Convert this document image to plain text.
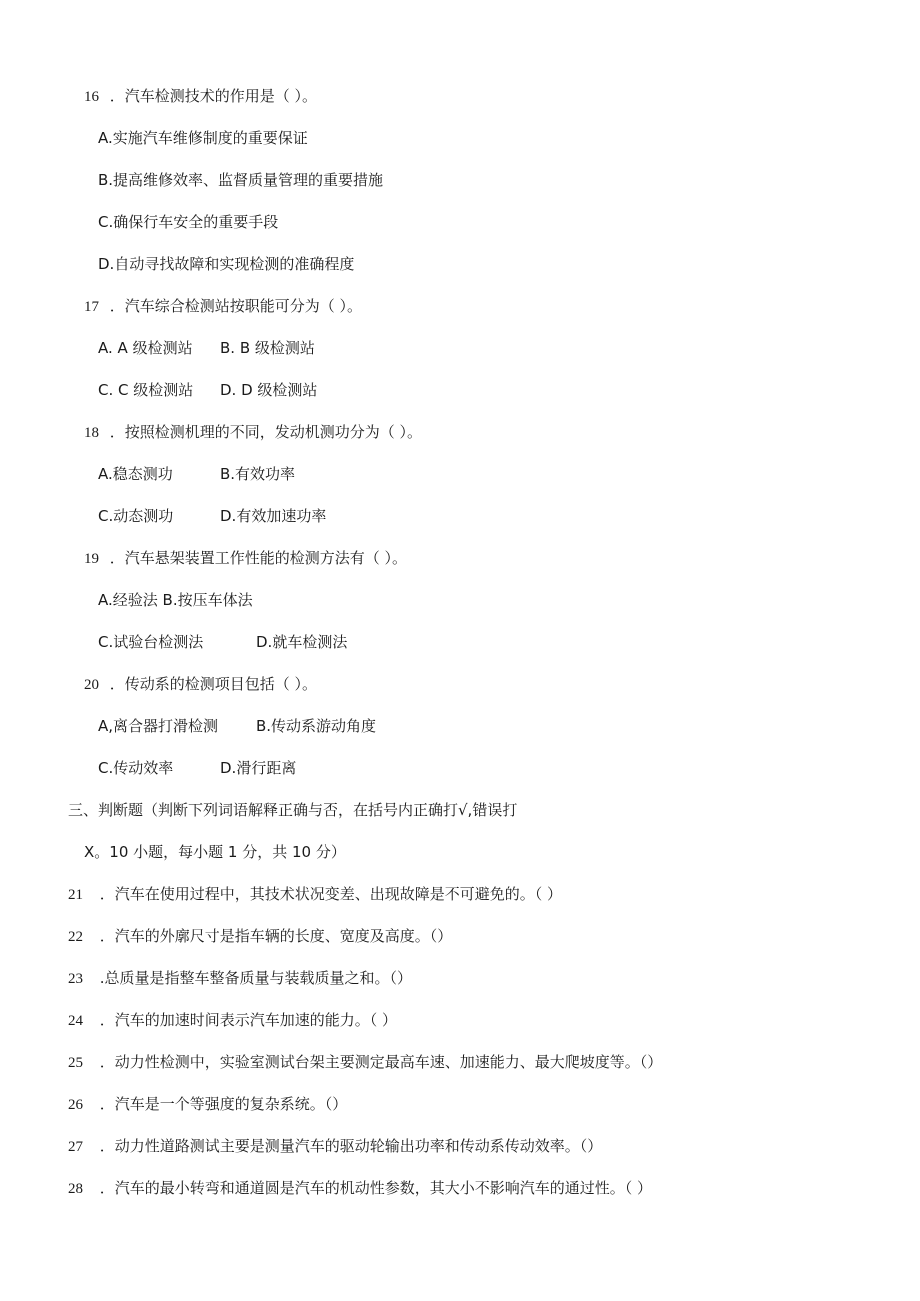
16 ．汽车检测技术的作用是（ ）。
A.实施汽车维修制度的重要保证
B.提高维修效率、监督质量管理的重要措施
C.确保行车安全的重要手段
D.自动寻找故障和实现检测的准确程度
17 ．汽车综合检测站按职能可分为（ ）。
A. A 级检测站 B. B 级检测站
C. C 级检测站 D. D 级检测站
18 ．按照检测机理的不同，发动机测功分为（ ）。
A.稳态测功	B.有效功率
C.动态测功	D.有效加速功率
19 ．汽车悬架装置工作性能的检测方法有（ ）。
A.经验法 B.按压车体法
C.试验台检测法	D.就车检测法
20 ．传动系的检测项目包括（ ）。
A,离合器打滑检测	B.传动系游动角度
C.传动效率	D.滑行距离
三、判断题（判断下列词语解释正确与否，在括号内正确打√,错误打
X。10 小题，每小题 1 分，共 10 分）
21 ．汽车在使用过程中，其技术状况变差、出现故障是不可避免的。（ ）
22 ．汽车的外廓尺寸是指车辆的长度、宽度及高度。（）
23 .总质量是指整车整备质量与装载质量之和。（）
24 ．汽车的加速时间表示汽车加速的能力。（ ）
25 ．动力性检测中，实验室测试台架主要测定最高车速、加速能力、最大爬坡度等。（）
26 ．汽车是一个等强度的复杂系统。（）
27 ．动力性道路测试主要是测量汽车的驱动轮输出功率和传动系传动效率。（）
28 ．汽车的最小转弯和通道圆是汽车的机动性参数，其大小不影响汽车的通过性。（ ）
